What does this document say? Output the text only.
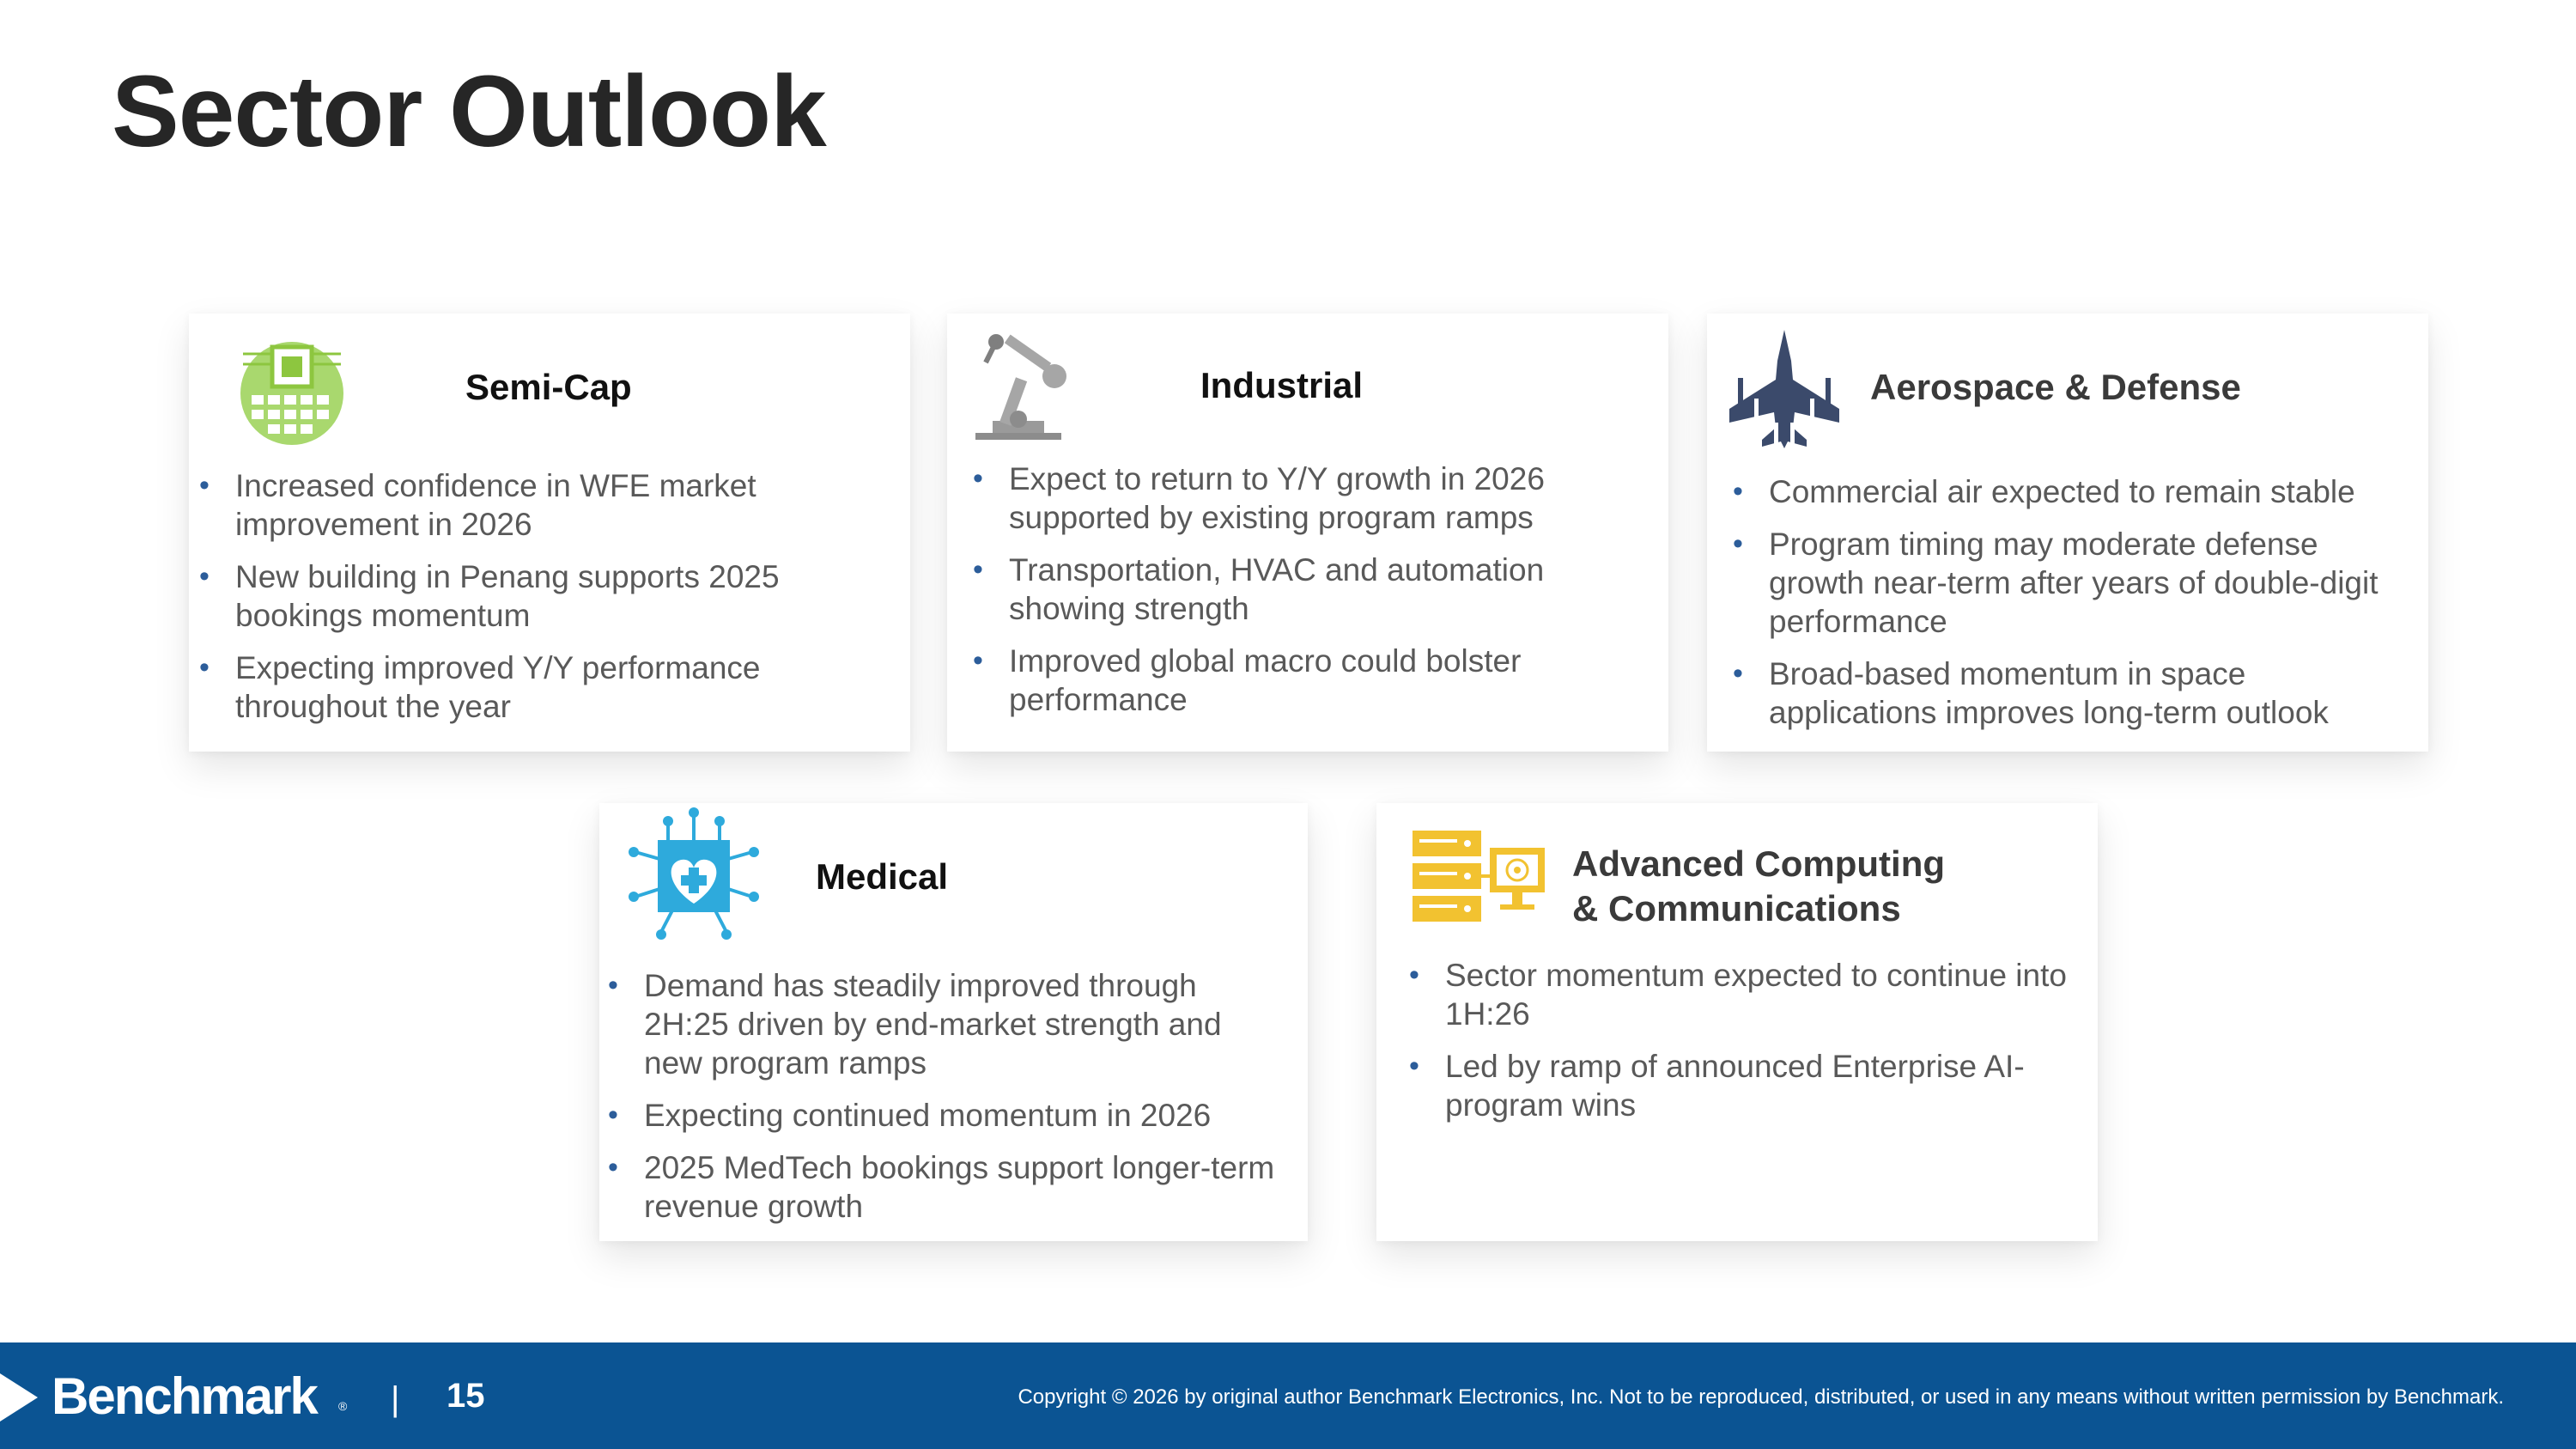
Sector Outlook
Semi-Cap
• Increased confidence in WFE market improvement in 2026
• New building in Penang supports 2025 bookings momentum
• Expecting improved Y/Y performance throughout the year
Industrial
• Expect to return to Y/Y growth in 2026 supported by existing program ramps
• Transportation, HVAC and automation showing strength
• Improved global macro could bolster performance
Aerospace & Defense
• Commercial air expected to remain stable
• Program timing may moderate defense growth near-term after years of double-digit performance
• Broad-based momentum in space applications improves long-term outlook
Medical
• Demand has steadily improved through 2H:25 driven by end-market strength and new program ramps
• Expecting continued momentum in 2026
• 2025 MedTech bookings support longer-term revenue growth
Advanced Computing
& Communications
• Sector momentum expected to continue into 1H:26
• Led by ramp of announced Enterprise AI-program wins
Benchmark ® | 15	Copyright © 2026 by original author Benchmark Electronics, Inc. Not to be reproduced, distributed, or used in any means without written permission by Benchmark.
